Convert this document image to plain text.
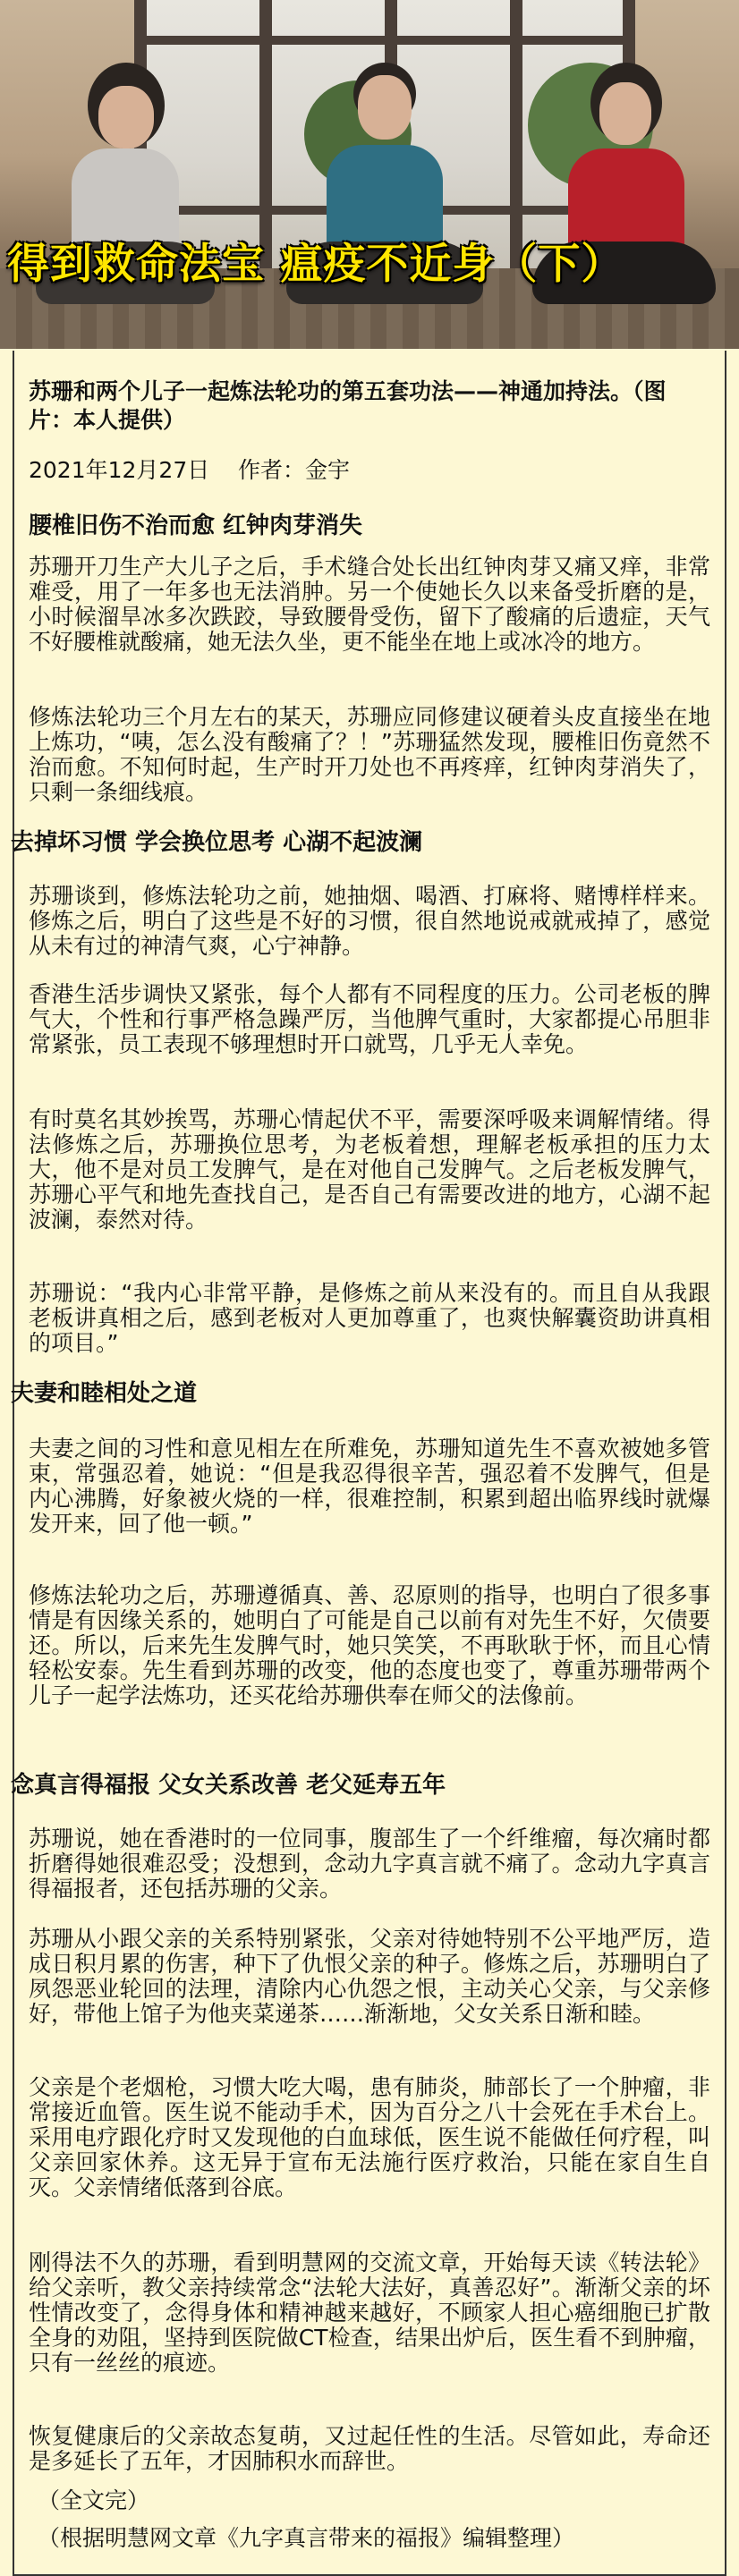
得到救命法宝 瘟疫不近身（下）
苏珊和两个儿子一起炼法轮功的第五套功法——神通加持法。（图片：本人提供）
2021年12月27日 作者：金宇
腰椎旧伤不治而愈 红钟肉芽消失
苏珊开刀生产大儿子之后，手术缝合处长出红钟肉芽又痛又痒，非常难受，用了一年多也无法消肿。另一个使她长久以来备受折磨的是，小时候溜旱冰多次跌跤，导致腰骨受伤，留下了酸痛的后遗症，天气不好腰椎就酸痛，她无法久坐，更不能坐在地上或冰冷的地方。
修炼法轮功三个月左右的某天，苏珊应同修建议硬着头皮直接坐在地上炼功，“咦，怎么没有酸痛了？！”苏珊猛然发现，腰椎旧伤竟然不治而愈。不知何时起，生产时开刀处也不再疼痒，红钟肉芽消失了，只剩一条细线痕。
去掉坏习惯 学会换位思考 心湖不起波澜
苏珊谈到，修炼法轮功之前，她抽烟、喝酒、打麻将、赌博样样来。修炼之后，明白了这些是不好的习惯，很自然地说戒就戒掉了，感觉从未有过的神清气爽，心宁神静。
香港生活步调快又紧张，每个人都有不同程度的压力。公司老板的脾气大，个性和行事严格急躁严厉，当他脾气重时，大家都提心吊胆非常紧张，员工表现不够理想时开口就骂，几乎无人幸免。
有时莫名其妙挨骂，苏珊心情起伏不平，需要深呼吸来调解情绪。得法修炼之后，苏珊换位思考，为老板着想，理解老板承担的压力太大，他不是对员工发脾气，是在对他自己发脾气。之后老板发脾气，苏珊心平气和地先查找自己，是否自己有需要改进的地方，心湖不起波澜，泰然对待。
苏珊说：“我内心非常平静，是修炼之前从来没有的。而且自从我跟老板讲真相之后，感到老板对人更加尊重了，也爽快解囊资助讲真相的项目。”
夫妻和睦相处之道
夫妻之间的习性和意见相左在所难免，苏珊知道先生不喜欢被她多管束，常强忍着，她说：“但是我忍得很辛苦，强忍着不发脾气，但是内心沸腾，好象被火烧的一样，很难控制，积累到超出临界线时就爆发开来，回了他一顿。”
修炼法轮功之后，苏珊遵循真、善、忍原则的指导，也明白了很多事情是有因缘关系的，她明白了可能是自己以前有对先生不好，欠债要还。所以，后来先生发脾气时，她只笑笑，不再耿耿于怀，而且心情轻松安泰。先生看到苏珊的改变，他的态度也变了，尊重苏珊带两个儿子一起学法炼功，还买花给苏珊供奉在师父的法像前。
念真言得福报 父女关系改善 老父延寿五年
苏珊说，她在香港时的一位同事，腹部生了一个纤维瘤，每次痛时都折磨得她很难忍受；没想到，念动九字真言就不痛了。念动九字真言得福报者，还包括苏珊的父亲。
苏珊从小跟父亲的关系特别紧张，父亲对待她特别不公平地严厉，造成日积月累的伤害，种下了仇恨父亲的种子。修炼之后，苏珊明白了夙怨恶业轮回的法理，清除内心仇怨之恨，主动关心父亲，与父亲修好，带他上馆子为他夹菜递茶……渐渐地，父女关系日渐和睦。
父亲是个老烟枪，习惯大吃大喝，患有肺炎，肺部长了一个肿瘤，非常接近血管。医生说不能动手术，因为百分之八十会死在手术台上。采用电疗跟化疗时又发现他的白血球低，医生说不能做任何疗程，叫父亲回家休养。这无异于宣布无法施行医疗救治，只能在家自生自灭。父亲情绪低落到谷底。
刚得法不久的苏珊，看到明慧网的交流文章，开始每天读《转法轮》给父亲听，教父亲持续常念“法轮大法好，真善忍好”。渐渐父亲的坏性情改变了，念得身体和精神越来越好，不顾家人担心癌细胞已扩散全身的劝阻，坚持到医院做CT检查，结果出炉后，医生看不到肿瘤，只有一丝丝的痕迹。
恢复健康后的父亲故态复萌，又过起任性的生活。尽管如此，寿命还是多延长了五年，才因肺积水而辞世。
（全文完）
（根据明慧网文章《九字真言带来的福报》编辑整理）
